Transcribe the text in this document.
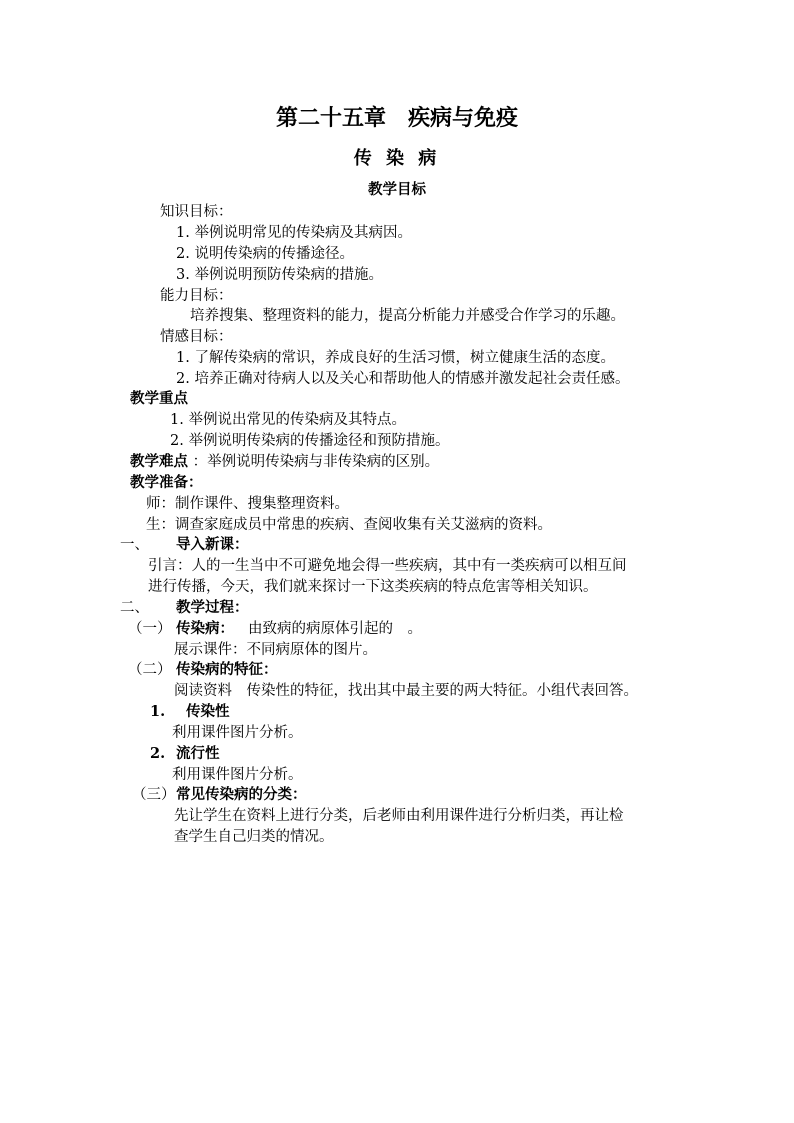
第二十五章　疾病与免疫
传 染 病
教学目标
知识目标：
1. 举例说明常见的传染病及其病因。
2. 说明传染病的传播途径。
3. 举例说明预防传染病的措施。
能力目标：
培养搜集、整理资料的能力，提高分析能力并感受合作学习的乐趣。
情感目标：
1. 了解传染病的常识，养成良好的生活习惯，树立健康生活的态度。
2. 培养正确对待病人以及关心和帮助他人的情感并激发起社会责任感。
教学重点
1. 举例说出常见的传染病及其特点。
2. 举例说明传染病的传播途径和预防措施。
教学难点 ：举例说明传染病与非传染病的区别。
教学准备：
师：制作课件、搜集整理资料。
生：调查家庭成员中常患的疾病、查阅收集有关艾滋病的资料。
一、 导入新课：
引言：人的一生当中不可避免地会得一些疾病，其中有一类疾病可以相互间
进行传播，今天，我们就来探讨一下这类疾病的特点危害等相关知识。
二、 教学过程：
（一） 传染病： 由致病的病原体引起的　。
展示课件：不同病原体的图片。
（二） 传染病的特征：
阅读资料　传染性的特征，找出其中最主要的两大特征。小组代表回答。
1. 传染性
利用课件图片分析。
2. 流行性
利用课件图片分析。
（三） 常见传染病的分类：
先让学生在资料上进行分类，后老师由利用课件进行分析归类，再让检
查学生自己归类的情况。
